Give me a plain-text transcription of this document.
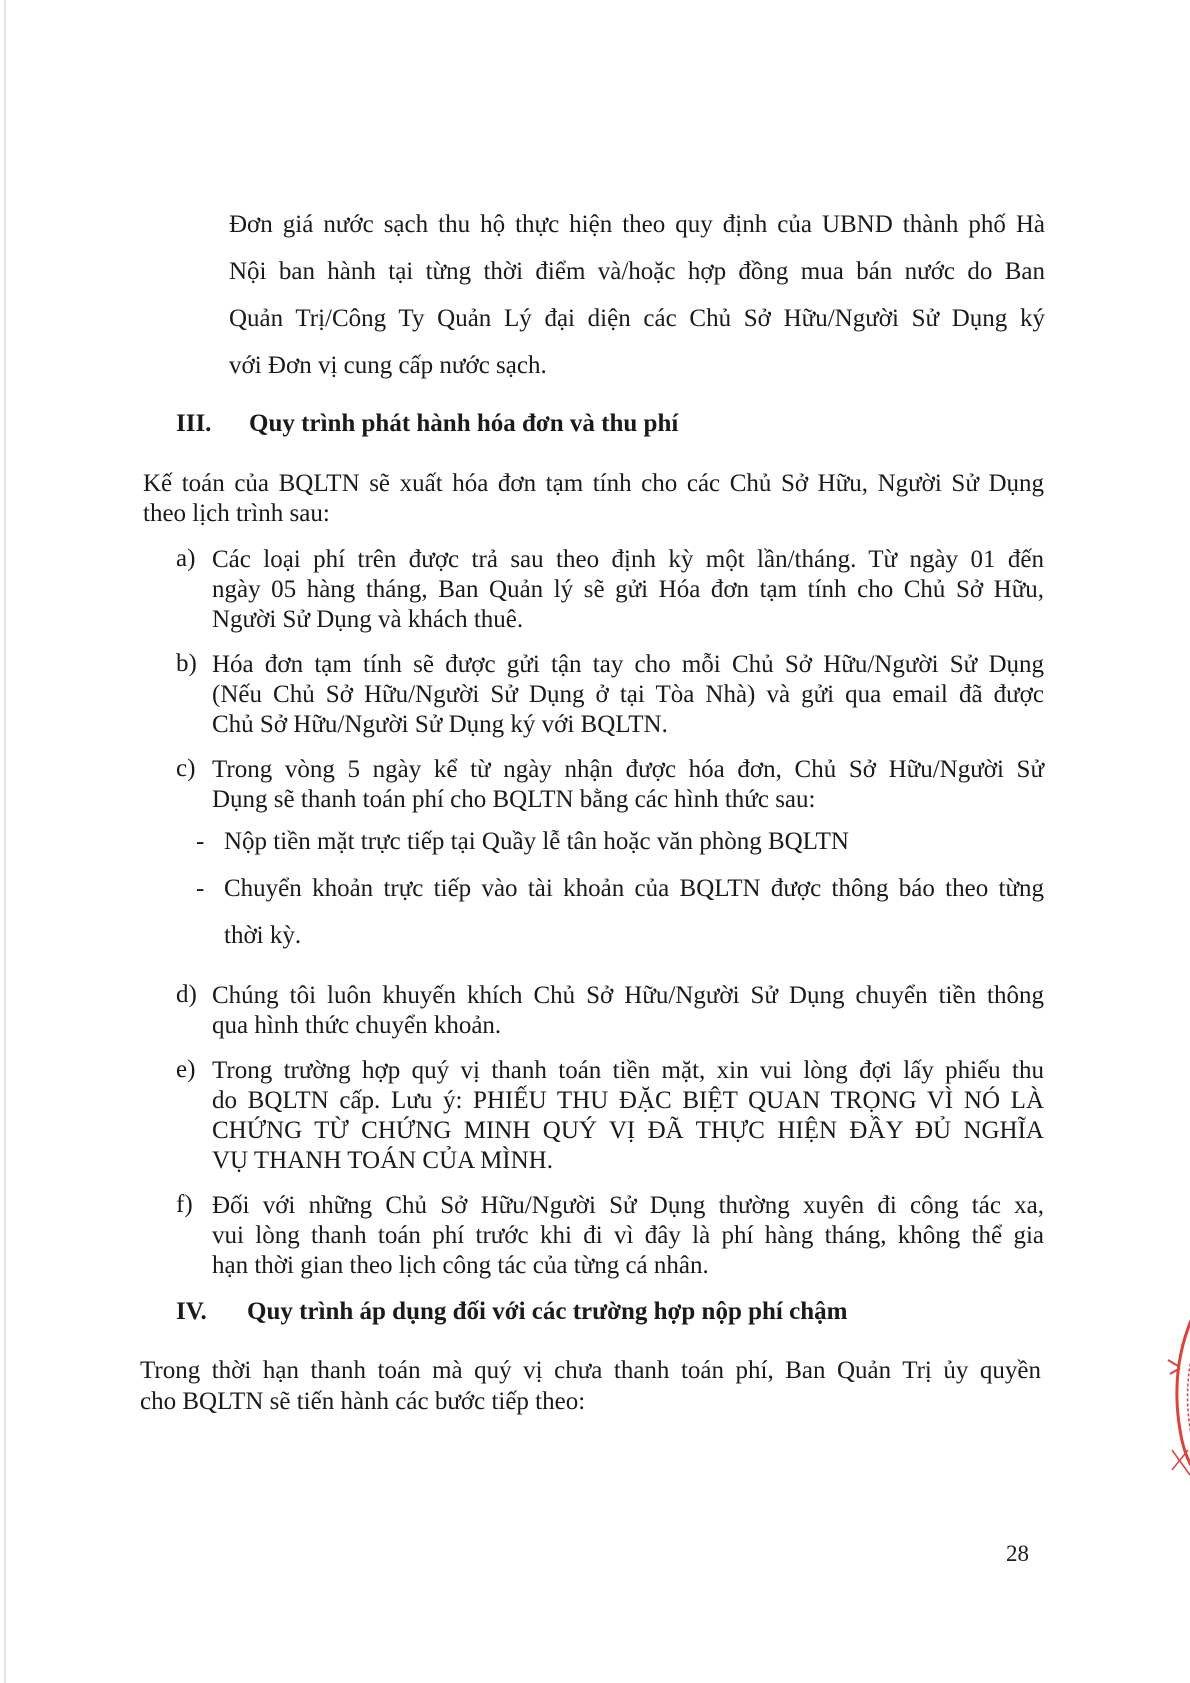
Đơn giá nước sạch thu hộ thực hiện theo quy định của UBND thành phố Hà

Nội ban hành tại từng thời điểm và/hoặc hợp đồng mua bán nước do Ban

Quản Trị/Công Ty Quản Lý đại diện các Chủ Sở Hữu/Người Sử Dụng ký

với Đơn vị cung cấp nước sạch.

III. Quy trình phát hành hóa đơn và thu phí

Kế toán của BQLTN sẽ xuất hóa đơn tạm tính cho các Chủ Sở Hữu, Người Sử Dụng

theo lịch trình sau:

a) Các loại phí trên được trả sau theo định kỳ một lần/tháng. Từ ngày 01 đến
ngày 05 hàng tháng, Ban Quản lý sẽ gửi Hóa đơn tạm tính cho Chủ Sở Hữu,
Người Sử Dụng và khách thuê.
b) Hóa đơn tạm tính sẽ được gửi tận tay cho mỗi Chủ Sở Hữu/Người Sử Dụng
(Nếu Chủ Sở Hữu/Người Sử Dụng ở tại Tòa Nhà) và gửi qua email đã được
Chủ Sở Hữu/Người Sử Dụng ký với BQLTN.
c) Trong vòng 5 ngày kể từ ngày nhận được hóa đơn, Chủ Sở Hữu/Người Sử
Dụng sẽ thanh toán phí cho BQLTN bằng các hình thức sau:
- Nộp tiền mặt trực tiếp tại Quầy lễ tân hoặc văn phòng BQLTN
- Chuyển khoản trực tiếp vào tài khoản của BQLTN được thông báo theo từng
thời kỳ.
d) Chúng tôi luôn khuyến khích Chủ Sở Hữu/Người Sử Dụng chuyển tiền thông
qua hình thức chuyển khoản.
e) Trong trường hợp quý vị thanh toán tiền mặt, xin vui lòng đợi lấy phiếu thu
do BQLTN cấp. Lưu ý: PHIẾU THU ĐẶC BIỆT QUAN TRỌNG VÌ NÓ LÀ
CHỨNG TỪ CHỨNG MINH QUÝ VỊ ĐÃ THỰC HIỆN ĐẦY ĐỦ NGHĨA
VỤ THANH TOÁN CỦA MÌNH.
f) Đối với những Chủ Sở Hữu/Người Sử Dụng thường xuyên đi công tác xa,
vui lòng thanh toán phí trước khi đi vì đây là phí hàng tháng, không thể gia
hạn thời gian theo lịch công tác của từng cá nhân.
IV. Quy trình áp dụng đối với các trường hợp nộp phí chậm

Trong thời hạn thanh toán mà quý vị chưa thanh toán phí, Ban Quản Trị ủy quyền

cho BQLTN sẽ tiến hành các bước tiếp theo:

28
